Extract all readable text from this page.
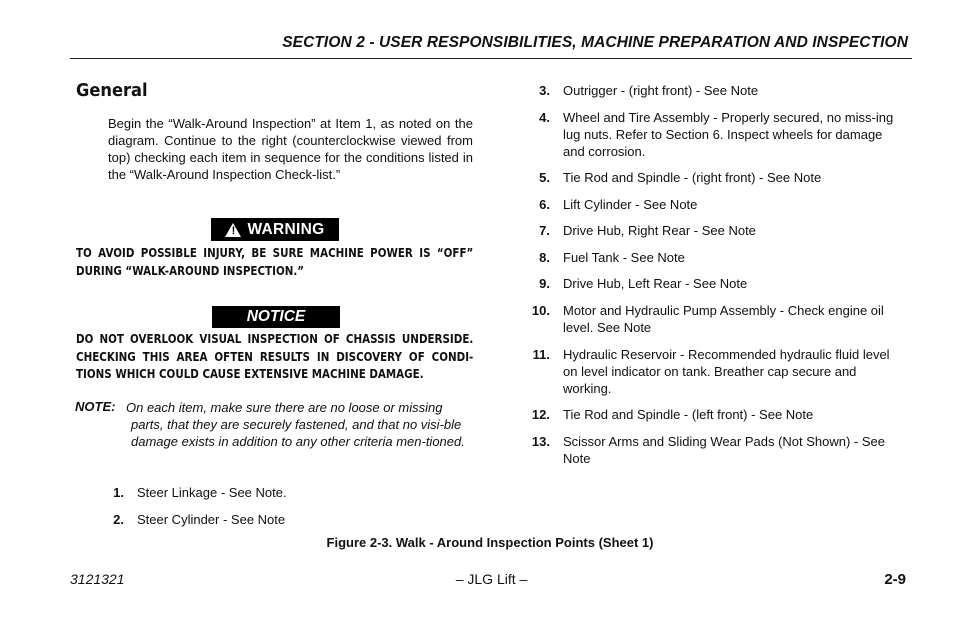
SECTION 2 - USER RESPONSIBILITIES, MACHINE PREPARATION AND INSPECTION
General
Begin the “Walk-Around Inspection” at Item 1, as noted on the diagram. Continue to the right (counterclockwise viewed from top) checking each item in sequence for the conditions listed in the “Walk-Around Inspection Check-list.”
! WARNING
TO AVOID POSSIBLE INJURY, BE SURE MACHINE POWER IS “OFF” DURING “WALK-AROUND INSPECTION.”
NOTICE
DO NOT OVERLOOK VISUAL INSPECTION OF CHASSIS UNDERSIDE. CHECKING THIS AREA OFTEN RESULTS IN DISCOVERY OF CONDI-TIONS WHICH COULD CAUSE EXTENSIVE MACHINE DAMAGE.
NOTE: On each item, make sure there are no loose or missing
parts, that they are securely fastened, and that no visi-ble damage exists in addition to any other criteria men-tioned.
1. Steer Linkage - See Note.
2. Steer Cylinder - See Note
3. Outrigger - (right front) - See Note
4. Wheel and Tire Assembly - Properly secured, no miss-ing lug nuts. Refer to Section 6. Inspect wheels for damage and corrosion.
5. Tie Rod and Spindle - (right front) - See Note
6. Lift Cylinder - See Note
7. Drive Hub, Right Rear - See Note
8. Fuel Tank - See Note
9. Drive Hub, Left Rear - See Note
10. Motor and Hydraulic Pump Assembly - Check engine oil level. See Note
11. Hydraulic Reservoir - Recommended hydraulic fluid level on level indicator on tank. Breather cap secure and working.
12. Tie Rod and Spindle - (left front) - See Note
13. Scissor Arms and Sliding Wear Pads (Not Shown) - See Note
Figure 2-3. Walk - Around Inspection Points (Sheet 1)
3121321	– JLG Lift –	2-9
